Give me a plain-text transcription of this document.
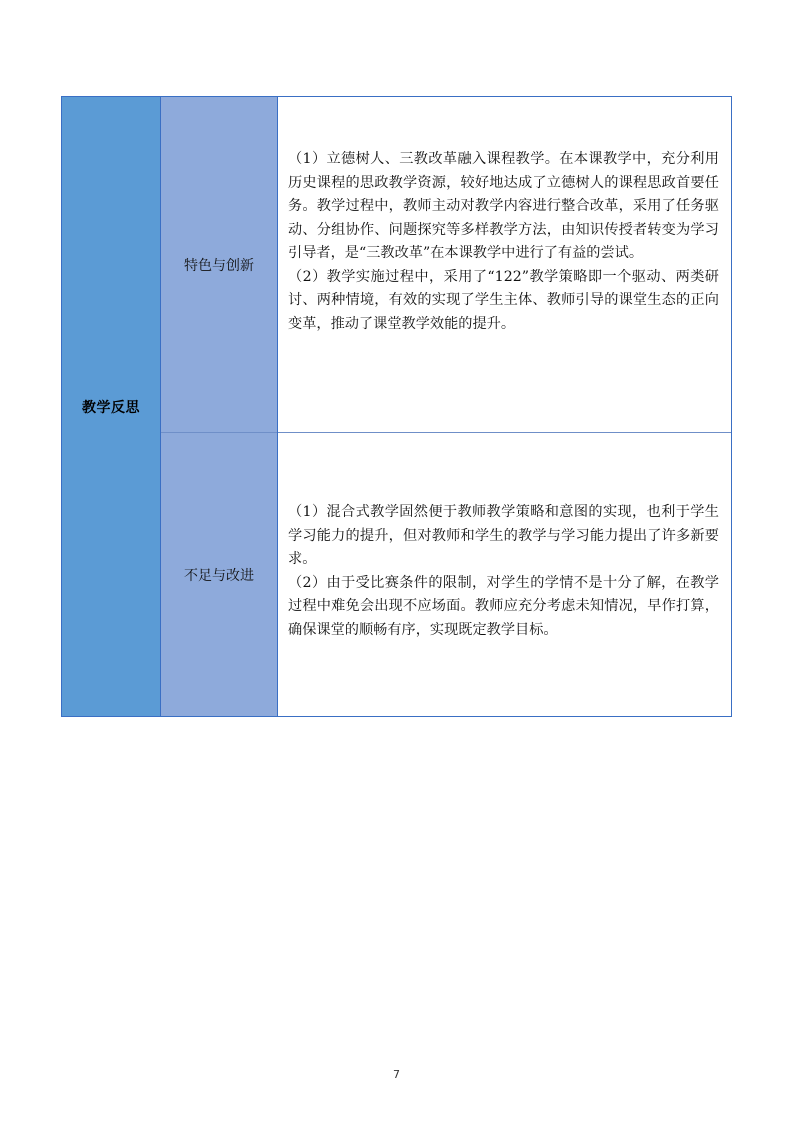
教学反思
特色与创新
不足与改进

（1）立德树人、三教改革融入课程教学。在本课教学中，充分利用历史课程的思政教学资源，较好地达成了立德树人的课程思政首要任务。教学过程中，教师主动对教学内容进行整合改革，采用了任务驱动、分组协作、问题探究等多样教学方法，由知识传授者转变为学习引导者，是“三教改革”在本课教学中进行了有益的尝试。

（2）教学实施过程中，采用了“122”教学策略即一个驱动、两类研讨、两种情境，有效的实现了学生主体、教师引导的课堂生态的正向变革，推动了课堂教学效能的提升。

（1）混合式教学固然便于教师教学策略和意图的实现，也利于学生学习能力的提升，但对教师和学生的教学与学习能力提出了许多新要求。

（2）由于受比赛条件的限制，对学生的学情不是十分了解，在教学过程中难免会出现不应场面。教师应充分考虑未知情况，早作打算，确保课堂的顺畅有序，实现既定教学目标。

7
